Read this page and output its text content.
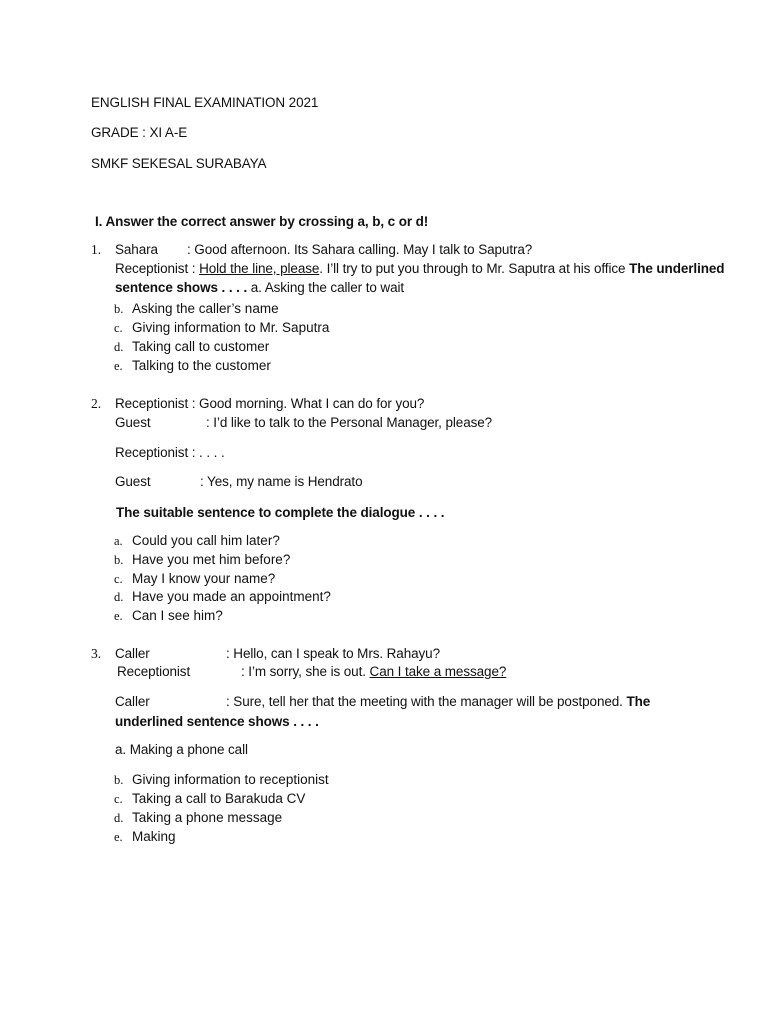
ENGLISH FINAL EXAMINATION 2021
GRADE : XI A-E
SMKF SEKESAL SURABAYA
I. Answer the correct answer by crossing a, b, c or d!
1. Sahara : Good afternoon. Its Sahara calling. May I talk to Saputra?
Receptionist : Hold the line, please. I’ll try to put you through to Mr. Saputra at his office The underlined
sentence shows . . . . a. Asking the caller to wait
b. Asking the caller’s name
c. Giving information to Mr. Saputra
d. Taking call to customer
e. Talking to the customer
2. Receptionist : Good morning. What I can do for you?
Guest	: I’d like to talk to the Personal Manager, please?
Receptionist : . . . .
Guest	: Yes, my name is Hendrato
The suitable sentence to complete the dialogue . . . .
a. Could you call him later?
b. Have you met him before?
c. May I know your name?
d. Have you made an appointment?
e. Can I see him?
3. Caller	: Hello, can I speak to Mrs. Rahayu?
Receptionist	: I’m sorry, she is out. Can I take a message?
Caller	: Sure, tell her that the meeting with the manager will be postponed. The
underlined sentence shows . . . .
a. Making a phone call
b. Giving information to receptionist
c. Taking a call to Barakuda CV
d. Taking a phone message
e. Making
